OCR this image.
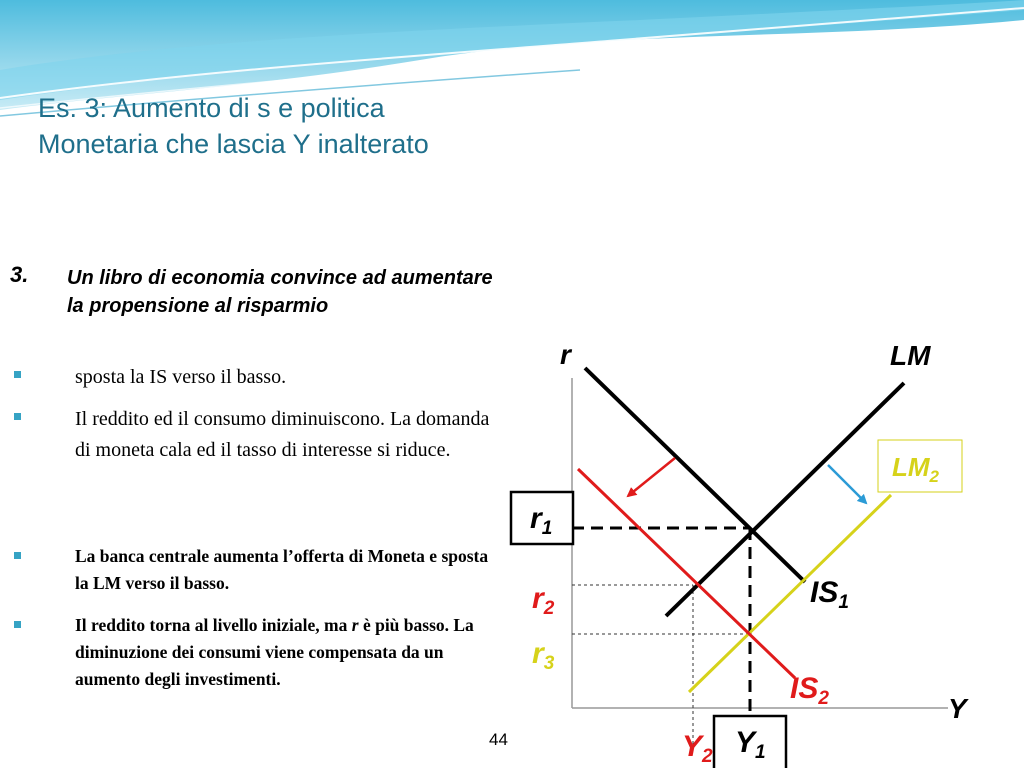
Es. 3: Aumento di s e politica
Monetaria che lascia Y inalterato
3. Un libro di economia convince ad aumentare la propensione al risparmio
sposta la IS verso il basso.
Il reddito ed il consumo diminuiscono. La domanda di moneta cala ed il tasso di interesse si riduce.
La banca centrale aumenta l’offerta di Moneta e sposta la LM verso il basso.
Il reddito torna al livello iniziale, ma r è più basso. La diminuzione dei consumi viene compensata da un aumento degli investimenti.
44
r
Y
LM
$LM_2$
$IS_1$
$IS_2$
$r_1$
$r_2$
$r_3$
$Y_1$
$Y_2$
